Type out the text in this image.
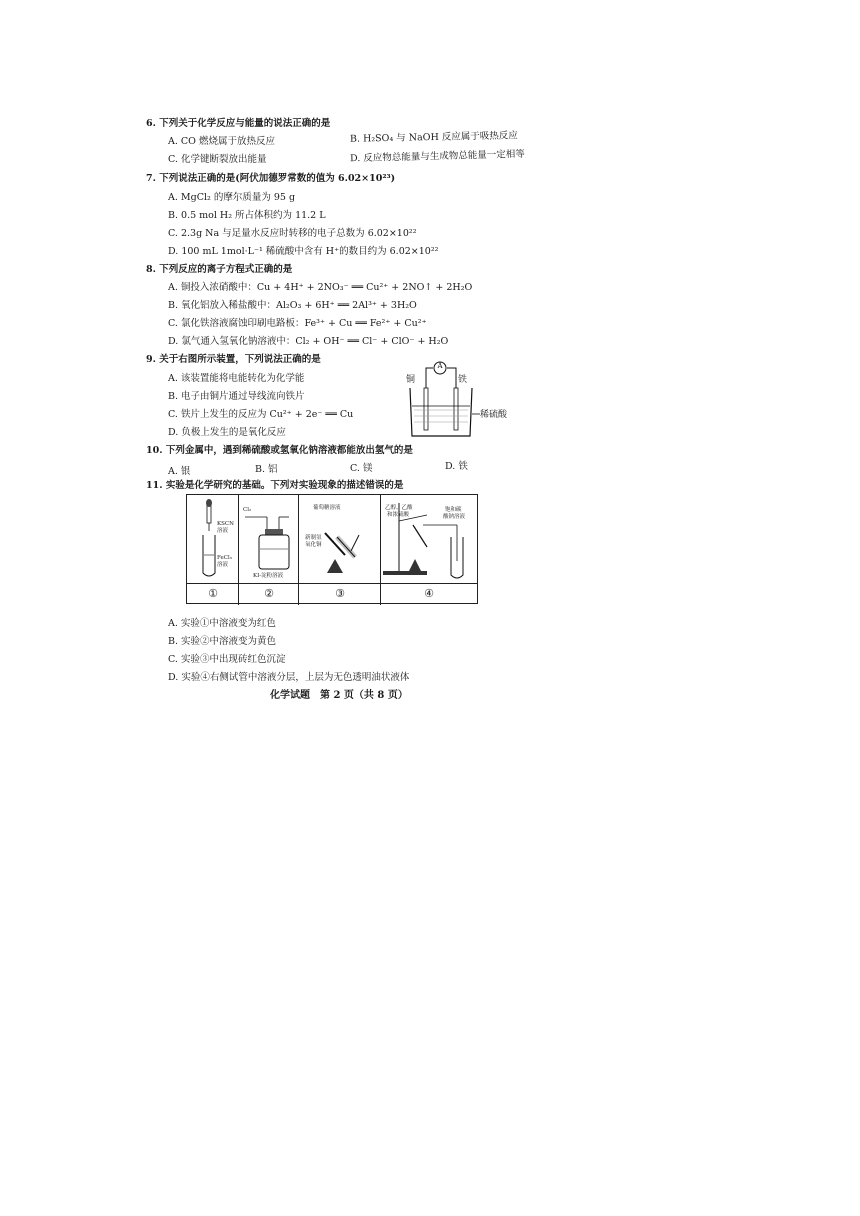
6. 下列关于化学反应与能量的说法正确的是
A. CO 燃烧属于放热反应	B. H₂SO₄ 与 NaOH 反应属于吸热反应
C. 化学键断裂放出能量	D. 反应物总能量与生成物总能量一定相等
7. 下列说法正确的是(阿伏加德罗常数的值为 6.02×10²³)
A. MgCl₂ 的摩尔质量为 95 g
B. 0.5 mol H₂ 所占体积约为 11.2 L
C. 2.3g Na 与足量水反应时转移的电子总数为 6.02×10²²
D. 100 mL 1mol·L⁻¹ 稀硫酸中含有 H⁺的数目约为 6.02×10²²
8. 下列反应的离子方程式正确的是
A. 铜投入浓硝酸中：Cu + 4H⁺ + 2NO₃⁻ ══ Cu²⁺ + 2NO↑ + 2H₂O
B. 氧化铝放入稀盐酸中：Al₂O₃ + 6H⁺ ══ 2Al³⁺ + 3H₂O
C. 氯化铁溶液腐蚀印刷电路板：Fe³⁺ + Cu ══ Fe²⁺ + Cu²⁺
D. 氯气通入氢氧化钠溶液中：Cl₂ + OH⁻ ══ Cl⁻ + ClO⁻ + H₂O
9. 关于右图所示装置，下列说法正确的是
A. 该装置能将电能转化为化学能
B. 电子由铜片通过导线流向铁片
C. 铁片上发生的反应为 Cu²⁺ + 2e⁻ ══ Cu
D. 负极上发生的是氧化反应
A
铜	铁
稀硫酸
10. 下列金属中，遇到稀硫酸或氢氧化钠溶液都能放出氢气的是
A. 银	B. 铝	C. 镁	D. 铁
11. 实验是化学研究的基础。下列对实验现象的描述错误的是
KSCN
溶液
FeCl₃
溶液
Cl₂
KI-淀粉溶液
葡萄糖溶液
新制氢
氧化铜
乙醇、乙酸
和浓硫酸
饱和碳
酸钠溶液
①	②	③	④
A. 实验①中溶液变为红色
B. 实验②中溶液变为黄色
C. 实验③中出现砖红色沉淀
D. 实验④右侧试管中溶液分层，上层为无色透明油状液体
化学试题　第 2 页（共 8 页）
